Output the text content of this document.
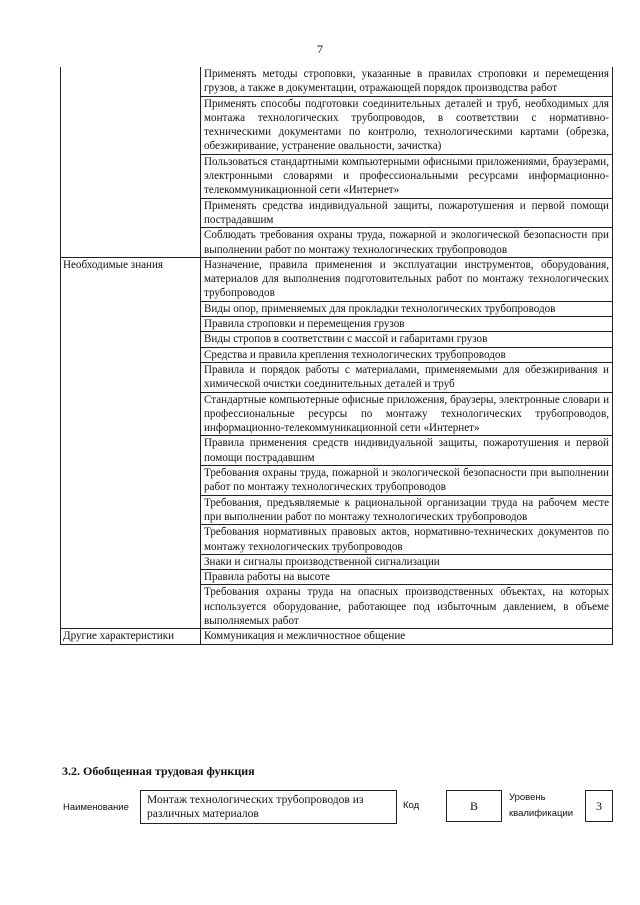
7
	Применять методы строповки, указанные в правилах строповки и перемещения грузов, а также в документации, отражающей порядок производства работ
	Применять способы подготовки соединительных деталей и труб, необходимых для монтажа технологических трубопроводов, в соответствии с нормативно-техническими документами по контролю, технологическими картами (обрезка, обезжиривание, устранение овальности, зачистка)
	Пользоваться стандартными компьютерными офисными приложениями, браузерами, электронными словарями и профессиональными ресурсами информационно-телекоммуникационной сети «Интернет»
	Применять средства индивидуальной защиты, пожаротушения и первой помощи пострадавшим
	Соблюдать требования охраны труда, пожарной и экологической безопасности при выполнении работ по монтажу технологических трубопроводов
Необходимые знания	Назначение, правила применения и эксплуатации инструментов, оборудования, материалов для выполнения подготовительных работ по монтажу технологических трубопроводов
	Виды опор, применяемых для прокладки технологических трубопроводов
	Правила строповки и перемещения грузов
	Виды стропов в соответствии с массой и габаритами грузов
	Средства и правила крепления технологических трубопроводов
	Правила и порядок работы с материалами, применяемыми для обезжиривания и химической очистки соединительных деталей и труб
	Стандартные компьютерные офисные приложения, браузеры, электронные словари и профессиональные ресурсы по монтажу технологических трубопроводов, информационно-телекоммуникационной сети «Интернет»
	Правила применения средств индивидуальной защиты, пожаротушения и первой помощи пострадавшим
	Требования охраны труда, пожарной и экологической безопасности при выполнении работ по монтажу технологических трубопроводов
	Требования, предъявляемые к рациональной организации труда на рабочем месте при выполнении работ по монтажу технологических трубопроводов
	Требования нормативных правовых актов, нормативно-технических документов по монтажу технологических трубопроводов
	Знаки и сигналы производственной сигнализации
	Правила работы на высоте
	Требования охраны труда на опасных производственных объектах, на которых используется оборудование, работающее под избыточным давлением, в объеме выполняемых работ
Другие характеристики	Коммуникация и межличностное общение
3.2. Обобщенная трудовая функция
Наименование
Монтаж технологических трубопроводов из различных материалов
Код	B
Уровень
квалификации
3
